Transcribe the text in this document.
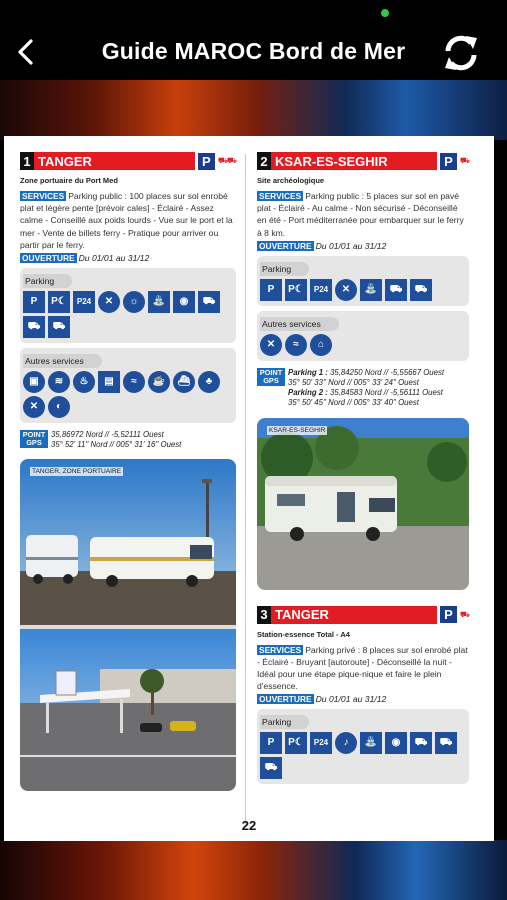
Guide MAROC Bord de Mer
1 TANGER	P ⛟⛟
Zone portuaire du Port Med
SERVICES Parking public : 100 places sur sol enrobé plat et légère pente [prévoir cales] - Éclairé - Assez calme - Conseillé aux poids lourds - Vue sur le port et la mer - Vente de billets ferry - Pratique pour arriver ou partir par le ferry.
OUVERTURE Du 01/01 au 31/12
Parking
P	P☾	P24	✕	☼	⛲	◉	⛟
⛟	⛟
Autres services
▣	≋	♨	▤	≈	☕	⛴	♣
✕	◐
POINT GPS
35,86972 Nord // -5,52111 Ouest
35° 52' 11'' Nord // 005° 31' 16'' Ouest
TANGER, ZONE PORTUAIRE
2 KSAR-ES-SEGHIR	P ⛟
Site archéologique
SERVICES Parking public : 5 places sur sol en pavé plat - Éclairé - Au calme - Non sécurisé - Déconseillé en été - Port méditerranée pour embarquer sur le ferry à 8 km.
OUVERTURE Du 01/01 au 31/12
Parking
P	P☾	P24	✕	⛲	⛟	⛟
Autres services
✕	≈	⌂
POINT GPS
Parking 1 : 35,84250 Nord // -5,55667 Ouest
35° 50' 33'' Nord // 005° 33' 24'' Ouest
Parking 2 : 35,84583 Nord // -5,56111 Ouest
35° 50' 45'' Nord // 005° 33' 40'' Ouest
KSAR-ES-SEGHIR
3 TANGER	P ⛟
Station-essence Total - A4
SERVICES Parking privé : 8 places sur sol enrobé plat - Éclairé - Bruyant [autoroute] - Déconseillé la nuit - Idéal pour une étape pique-nique et faire le plein d'essence.
OUVERTURE Du 01/01 au 31/12
Parking
P	P☾	P24	♪	⛲	◉	⛟	⛟
⛟
22
